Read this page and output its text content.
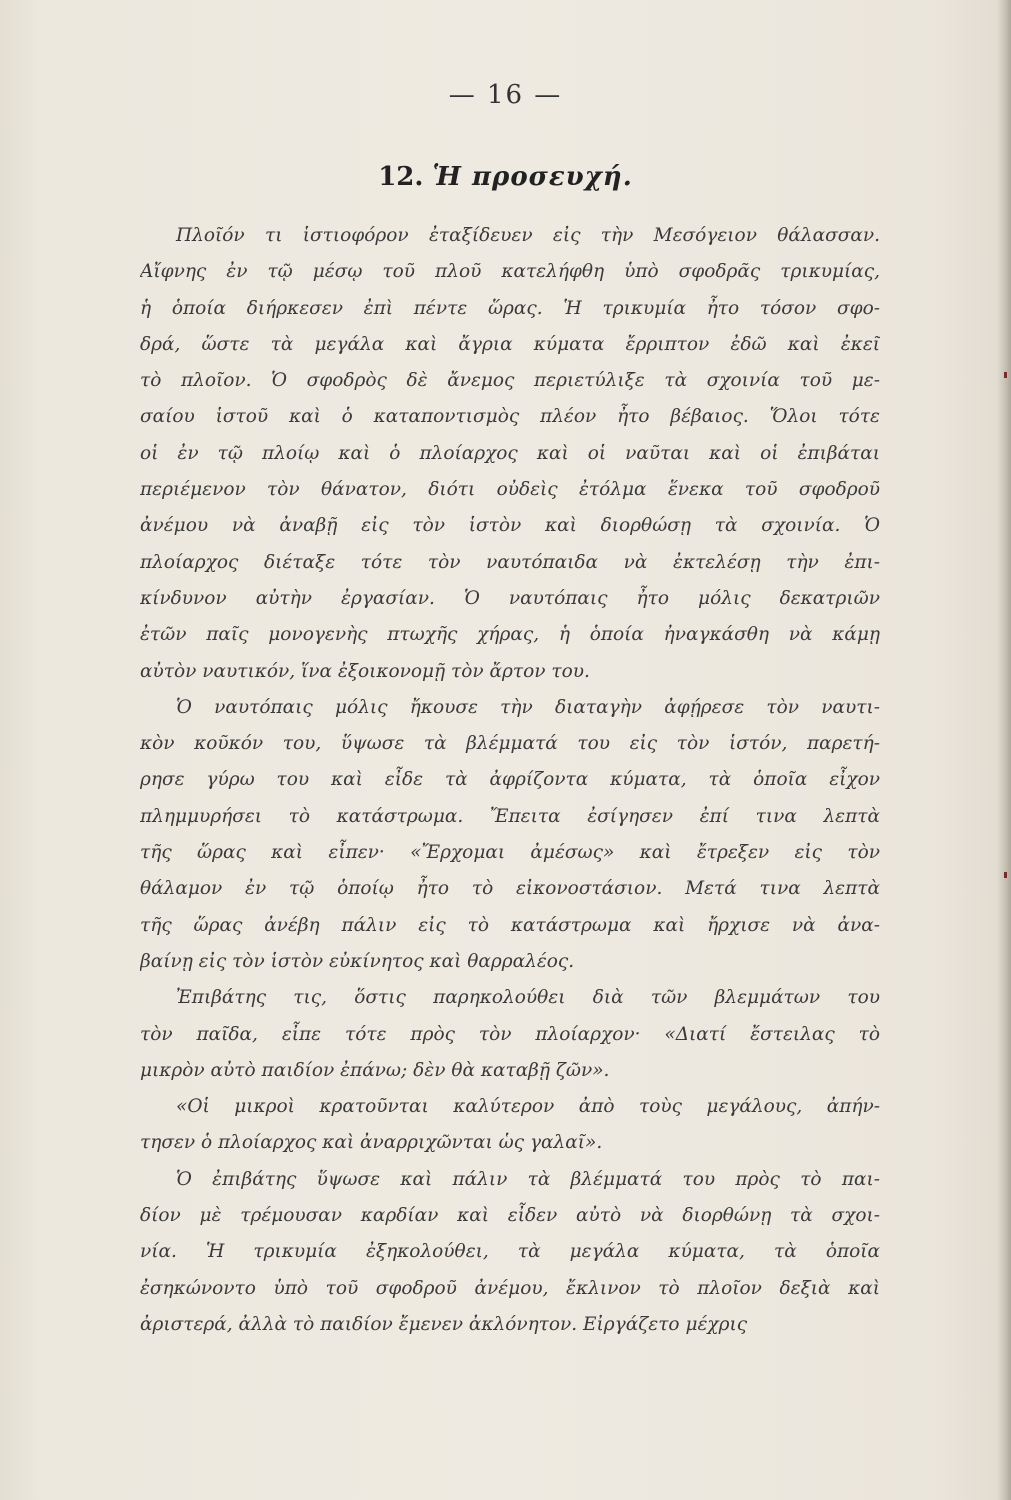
— 16 —
12. Ἡ προσευχή.
Πλοῖόν τι ἱστιοφόρον ἐταξίδευεν εἰς τὴν Μεσόγειον θάλασσαν.
Αἴφνης ἐν τῷ μέσῳ τοῦ πλοῦ κατελήφθη ὑπὸ σφοδρᾶς τρικυμίας,
ἡ ὁποία διήρκεσεν ἐπὶ πέντε ὥρας. Ἡ τρικυμία ἦτο τόσον σφο-
δρά, ὥστε τὰ μεγάλα καὶ ἄγρια κύματα ἔρριπτον ἐδῶ καὶ ἐκεῖ
τὸ πλοῖον. Ὁ σφοδρὸς δὲ ἄνεμος περιετύλιξε τὰ σχοινία τοῦ με-
σαίου ἱστοῦ καὶ ὁ καταποντισμὸς πλέον ἦτο βέβαιος. Ὅλοι τότε
οἱ ἐν τῷ πλοίῳ καὶ ὁ πλοίαρχος καὶ οἱ ναῦται καὶ οἱ ἐπιβάται
περιέμενον τὸν θάνατον, διότι οὐδεὶς ἐτόλμα ἕνεκα τοῦ σφοδροῦ
ἀνέμου νὰ ἀναβῇ εἰς τὸν ἱστὸν καὶ διορθώσῃ τὰ σχοινία. Ὁ
πλοίαρχος διέταξε τότε τὸν ναυτόπαιδα νὰ ἐκτελέσῃ τὴν ἐπι-
κίνδυνον αὐτὴν ἐργασίαν. Ὁ ναυτόπαις ἦτο μόλις δεκατριῶν
ἐτῶν παῖς μονογενὴς πτωχῆς χήρας, ἡ ὁποία ἠναγκάσθη νὰ κάμῃ
αὐτὸν ναυτικόν, ἵνα ἐξοικονομῇ τὸν ἄρτον του.
Ὁ ναυτόπαις μόλις ἤκουσε τὴν διαταγὴν ἀφῄρεσε τὸν ναυτι-
κὸν κοῦκόν του, ὕψωσε τὰ βλέμματά του εἰς τὸν ἱστόν, παρετή-
ρησε γύρω του καὶ εἶδε τὰ ἀφρίζοντα κύματα, τὰ ὁποῖα εἶχον
πλημμυρήσει τὸ κατάστρωμα. Ἔπειτα ἐσίγησεν ἐπί τινα λεπτὰ
τῆς ὥρας καὶ εἶπεν· «Ἔρχομαι ἀμέσως» καὶ ἔτρεξεν εἰς τὸν
θάλαμον ἐν τῷ ὁποίῳ ἦτο τὸ εἰκονοστάσιον. Μετά τινα λεπτὰ
τῆς ὥρας ἀνέβη πάλιν εἰς τὸ κατάστρωμα καὶ ἤρχισε νὰ ἀνα-
βαίνῃ εἰς τὸν ἱστὸν εὐκίνητος καὶ θαρραλέος.
Ἐπιβάτης τις, ὅστις παρηκολούθει διὰ τῶν βλεμμάτων του
τὸν παῖδα, εἶπε τότε πρὸς τὸν πλοίαρχον· «Διατί ἔστειλας τὸ
μικρὸν αὐτὸ παιδίον ἐπάνω; δὲν θὰ καταβῇ ζῶν».
«Οἱ μικροὶ κρατοῦνται καλύτερον ἀπὸ τοὺς μεγάλους, ἀπήν-
τησεν ὁ πλοίαρχος καὶ ἀναρριχῶνται ὡς γαλαῖ».
Ὁ ἐπιβάτης ὕψωσε καὶ πάλιν τὰ βλέμματά του πρὸς τὸ παι-
δίον μὲ τρέμουσαν καρδίαν καὶ εἶδεν αὐτὸ νὰ διορθώνῃ τὰ σχοι-
νία. Ἡ τρικυμία ἐξηκολούθει, τὰ μεγάλα κύματα, τὰ ὁποῖα
ἐσηκώνοντο ὑπὸ τοῦ σφοδροῦ ἀνέμου, ἔκλινον τὸ πλοῖον δεξιὰ καὶ
ἀριστερά, ἀλλὰ τὸ παιδίον ἔμενεν ἀκλόνητον. Εἰργάζετο μέχρις
